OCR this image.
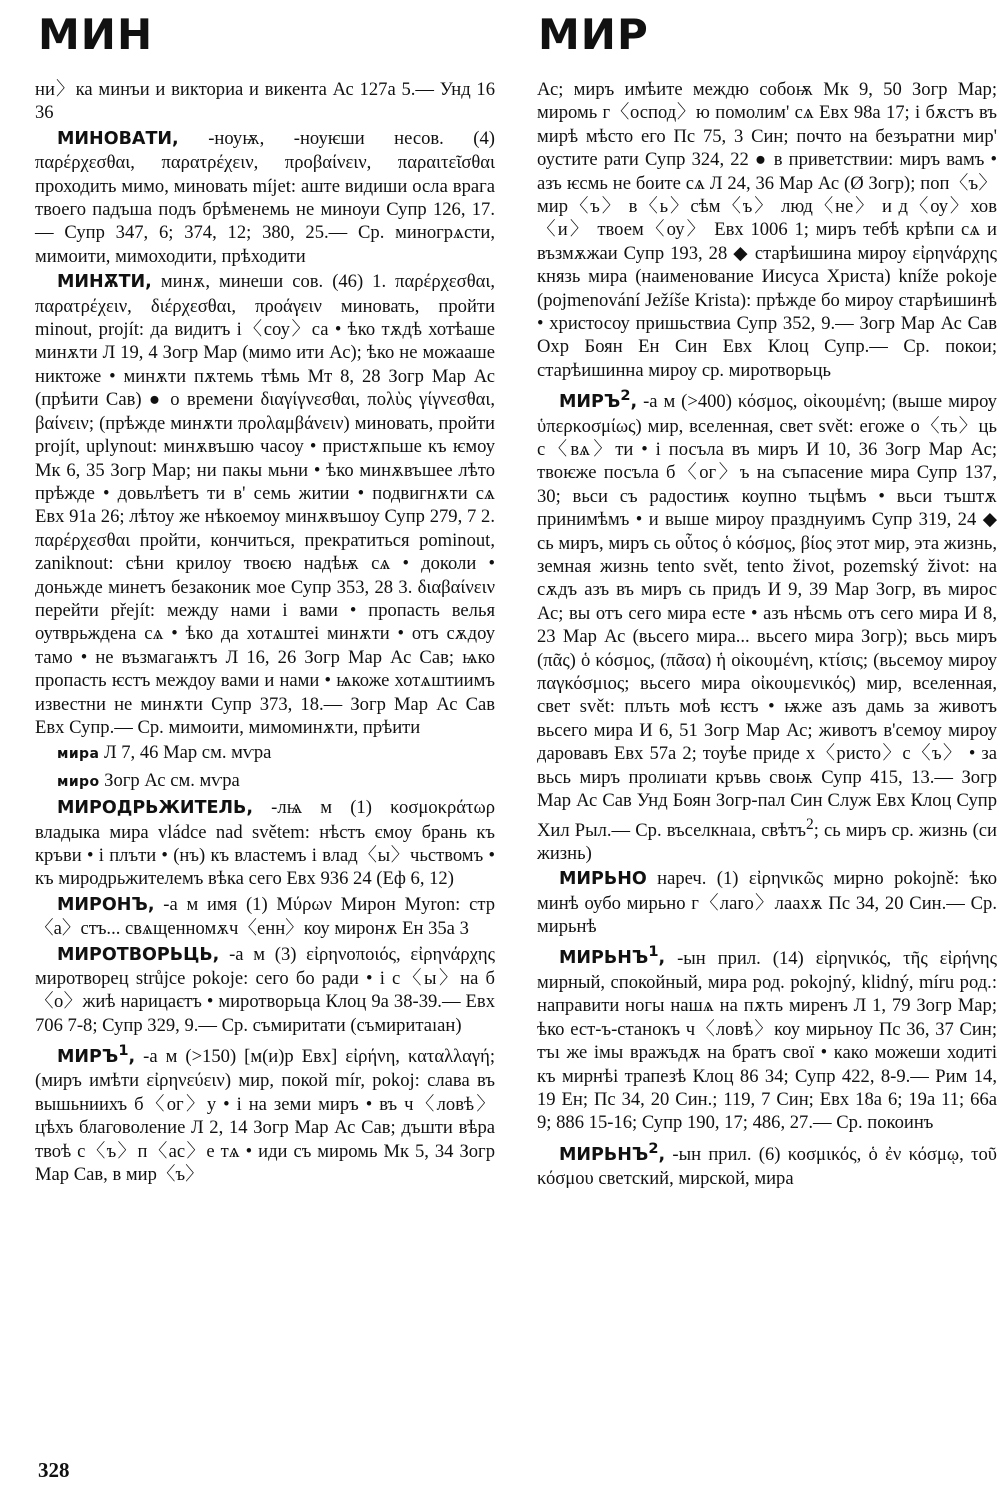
МИН	МИР

ни〉ка минъи и викториа и викента Ас 127а 5.— Унд 16 36

МИНОВАТИ, -ноуѭ, -ноуѥши несов. (4) παρέρχεσθαι, παρατρέχειν, προβαίνειν, παραιτεῖσθαι проходить мимо, миновать míjet: аште видиши осла врага твоего падъша подъ брѣменемь не миноуи Супр 126, 17.— Супр 347, 6; 374, 12; 380, 25.— Ср. миногрѧсти, мимоити, мимоходити, прѣходити

МИНѪТИ, минѫ, минеши сов. (46) 1. παρέρχεσθαι, παρατρέχειν, διέρχεσθαι, προάγειν миновать, пройти minout, projít: да видитъ і〈соу〉са • ѣко тѫдѣ хотѣаше минѫти Л 19, 4 Зогр Мар (мимо ити Ас); ѣко не можааше никтоже • минѫти пѫтемь тѣмь Мт 8, 28 Зогр Мар Ас (прѣити Сав) ● о времени διαγίγνεσθαι, πολὺς γίγνεσθαι, βαίνειν; (прѣжде минѫти προλαμβάνειν) миновать, пройти projít, uplynout: минѫвъшю часоу • пристѫпьше къ ѥмоу Мк 6, 35 Зогр Мар; ни пакы мьни • ѣко минѫвъшее лѣто прѣжде • довьлѣетъ ти в' семь житии • подвигнѫти сѧ Евх 91а 26; лѣтоу же нѣкоемоу минѫвъшоу Супр 279, 7 2. παρέρχεσθαι пройти, кончиться, прекратиться pominout, zaniknout: сѣни крилоу твоєю надѣѭ сѧ • доколи • доньжде минетъ безаконик мое Супр 353, 28 3. διαβαίνειν перейти přejít: между нами і вами • пропасть велья оутврьждена сѧ • ѣко да хотѧштеі минѫти • отъ сѫдоу тамо • не възмагаѭтъ Л 16, 26 Зогр Мар Ас Сав; ѩко пропасть ѥстъ междоу вами и нами • ѩкоже хотѧштиимъ известни не минѫти Супр 373, 18.— Зогр Мар Ас Сав Евх Супр.— Ср. мимоити, мимоминѫти, прѣити

мира Л 7, 46 Мар см. мѵра

миро Зогр Ас см. мѵра

МИРОДРЬЖИТЕЛЬ, -лѩ м (1) κοσμοκράτωρ владыка мира vládce nad světem: нѣстъ ємоу брань къ кръви • і плъти • (нъ) къ властемъ і влад〈ы〉чьствомъ • къ миродрьжителемъ вѣка сего Евх 936 24 (Еф 6, 12)

МИРОНЪ, -а м имя (1) Μύρων Мирон Myron: стр〈а〉стъ... свѧщенномѫч〈енн〉коу миронѫ Ен 35а 3

МИРОТВОРЬЦЬ, -а м (3) εἰρηνοποιός, εἰρηνάρχης миротворец strůjce pokoje: сего бо ради • і с〈ы〉на б〈о〉жиѣ нарицаєтъ • миротворьца Клоц 9а 38-39.— Евх 706 7-8; Супр 329, 9.— Ср. съмиритати (съмиритаıан)

МИРЪ$^1$, -а м (>150) [м(и)р Евх] εἰρήνη, καταλλαγή; (миръ имѣти εἰρηνεύειν) мир, покой mír, pokoj: слава въ вышьниихъ б〈ог〉у • і на земи миръ • въ ч〈ловѣ〉цѣхъ благоволение Л 2, 14 Зогр Мар Ас Сав; дъшти вѣра твоѣ с〈ъ〉п〈ас〉е тѧ • иди съ миромь Мк 5, 34 Зогр Мар Сав, в мир〈ъ〉

Ас; миръ имѣите междю собоѭ Мк 9, 50 Зогр Мар; миромь г〈оспод〉ю помолим' сѧ Евх 98а 17; і бѫстъ въ мирѣ мѣсто его Пс 75, 3 Син; почто на безъратни мир' оустите рати Супр 324, 22 ● в приветствии: миръ вамъ • азъ ѥсмь не боите сѧ Л 24, 36 Мар Ас (Ø Зогр); поп〈ъ〉 мир〈ъ〉 в〈ь〉сѣм〈ъ〉 люд〈не〉 и д〈оу〉хов〈и〉 твоем〈оу〉 Евх 1006 1; миръ тебѣ крѣпи сѧ и възмѫжаи Супр 193, 28 ◆ старѣишина мироу εἰρηνάρχης князь мира (наименование Иисуса Христа) kníže pokoje (pojmenování Ježíše Krista): прѣжде бо мироу старѣишинѣ • христосоу пришьствиа Супр 352, 9.— Зогр Мар Ас Сав Охр Боян Ен Син Евх Клоц Супр.— Ср. покои; старѣишинна мироу ср. миротворьць

МИРЪ$^2$, -а м (>400) κόσμος, οἰκουμένη; (выше мироу ὑπερκοσμίως) мир, вселенная, свет svět: егоже о〈ть〉ць с〈вѧ〉ти • і посъла въ миръ И 10, 36 Зогр Мар Ас; твоѥже посъла б〈ог〉ъ на съпасение мира Супр 137, 30; вьси съ радостиѭ коупно тьцѣмъ • вьси тъштѫ принимѣмъ • и выше мироу празднуимъ Супр 319, 24 ◆ сь миръ, миръ сь οὗτος ὁ κόσμος, βίος этот мир, эта жизнь, земная жизнь tento svět, tento život, pozemský život: на сѫдъ азъ въ миръ сь придъ И 9, 39 Мар Зогр, въ мирос Ас; вы отъ сего мира есте • азъ нѣсмь отъ сего мира И 8, 23 Мар Ас (вьсего мира... вьсего мира Зогр); вьсь миръ (πᾶς) ὁ κόσμος, (πᾶσα) ἡ οἰκουμένη, κτίσις; (вьсемоу мироу παγκόσμιος; вьсего мира οἰκουμενικός) мир, вселенная, свет svět: плъть моѣ ѥстъ • ѭже азъ дамь за животъ вьсего мира И 6, 51 Зогр Мар Ас; животъ в'семоу мироу даровавъ Евх 57а 2; тоуѣе приде х〈ристо〉с〈ъ〉 • за вьсь миръ пролиıати кръвь своѭ Супр 415, 13.— Зогр Мар Ас Сав Унд Боян Зогр-пал Син Служ Евх Клоц Супр Хил Рыл.— Ср. въселкнаıа, свѣтъ$^2$; сь миръ ср. жизнь (си жизнь)

МИРЬНО нареч. (1) εἰρηνικῶς мирно pokojně: ѣко минѣ оубо мирьно г〈лаго〉лаахѫ Пс 34, 20 Син.— Ср. мирьнѣ

МИРЬНЪ$^1$, -ын прил. (14) εἰρηνικός, τῆς εἰρήνης мирный, спокойный, мира род. pokojný, klidný, míru род.: направити ногы нашѧ на пѫть миренъ Л 1, 79 Зогр Мар; ѣко ест-ъ-станокъ ч〈ловѣ〉коу мирьноу Пс 36, 37 Син; тъı же імы вражъдѫ на братъ свої • како можеши ходиті къ мирнѣі трапезѣ Клоц 86 34; Супр 422, 8-9.— Рим 14, 19 Ен; Пс 34, 20 Син.; 119, 7 Син; Евх 18а 6; 19а 11; 66а 9; 886 15-16; Супр 190, 17; 486, 27.— Ср. покоинъ

МИРЬНЪ$^2$, -ын прил. (6) κοσμικός, ὁ ἐν κόσμῳ, τοῦ κόσμου светский, мирской, мира

328
